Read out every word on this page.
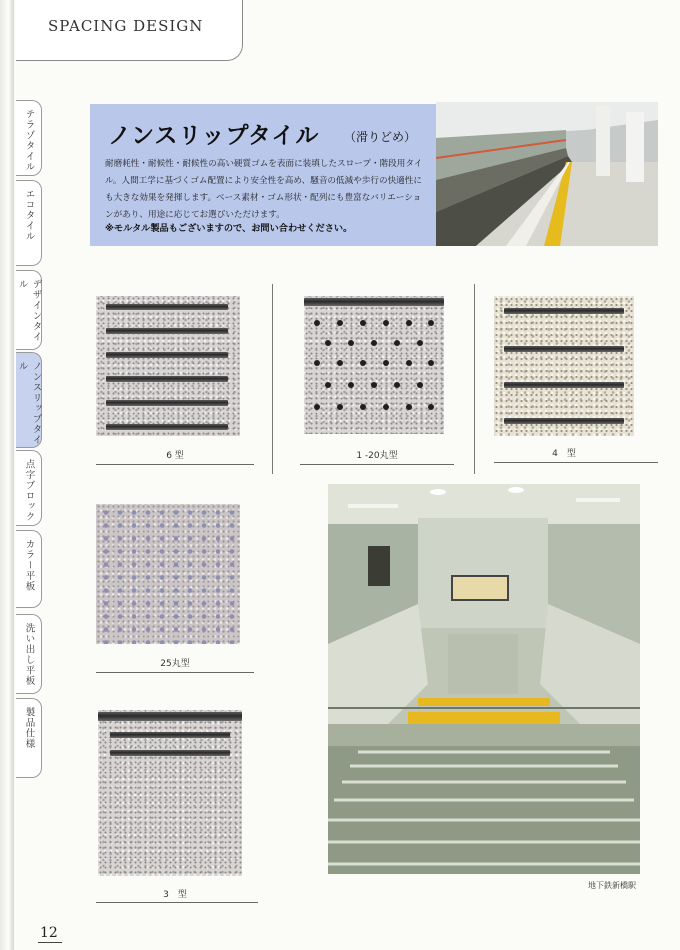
SPACING DESIGN
テラゾタイル
エコタイル
デザインタイル
ノンスリップタイル
点字ブロック
カラー平板
洗い出し平板
製品仕様
ノンスリップタイル （滑りどめ）
耐磨耗性・耐候性・耐候性の高い硬質ゴムを表面に装填したスロープ・階段用タイル。人間工学に基づくゴム配置により安全性を高め、騒音の低減や歩行の快適性にも大きな効果を発揮します。ベース素材・ゴム形状・配列にも豊富なバリエーションがあり、用途に応じてお選びいただけます。
※モルタル製品もございますので、お問い合わせください。
6 型	1 -20丸型	4　型
25丸型
3　型
地下鉄新橋駅
12
